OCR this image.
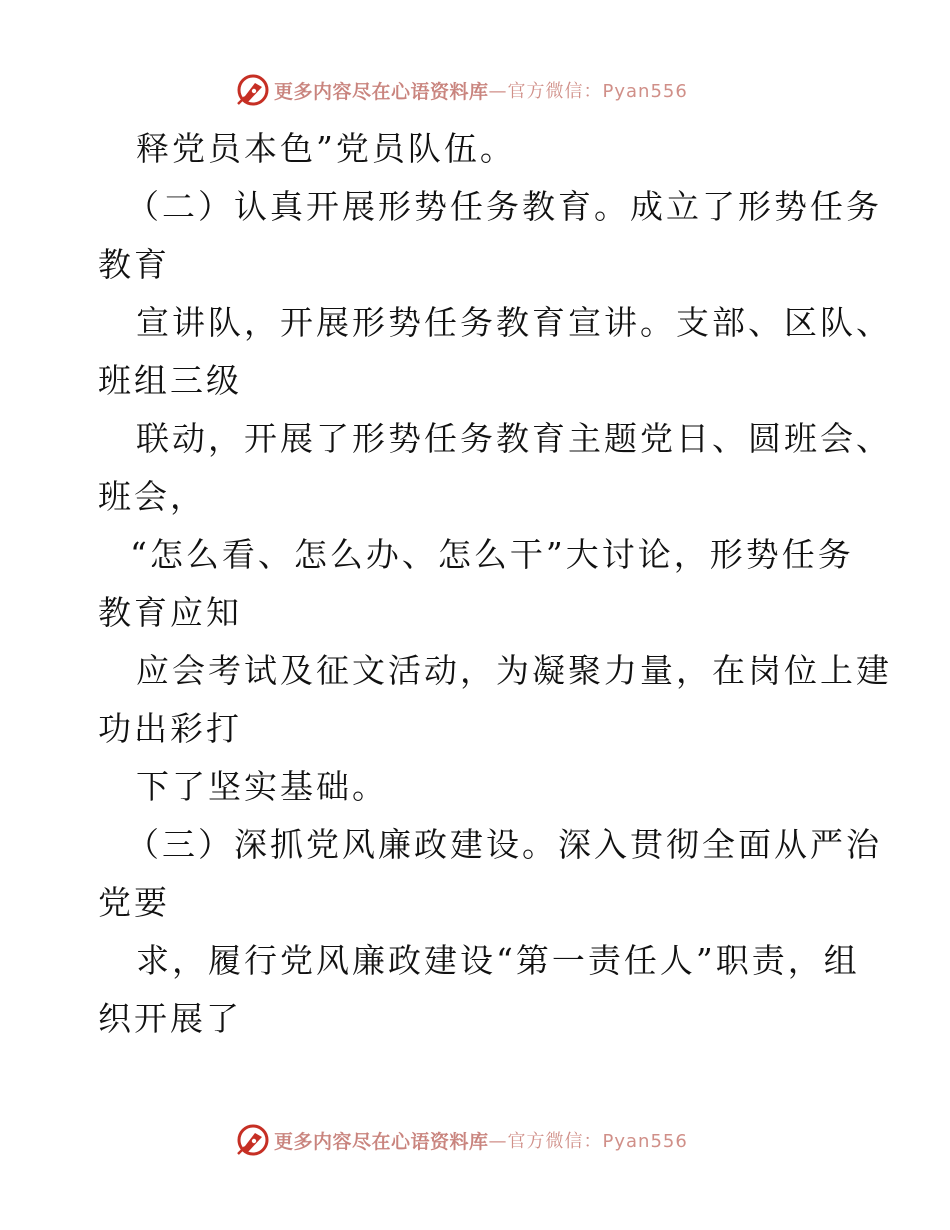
更多内容尽在心语资料库 —官方微信：Pyan556
释党员本色”党员队伍。
（二）认真开展形势任务教育。成立了形势任务
教育
宣讲队，开展形势任务教育宣讲。支部、区队、
班组三级
联动，开展了形势任务教育主题党日、圆班会、
班会，
“怎么看、怎么办、怎么干”大讨论，形势任务
教育应知
应会考试及征文活动，为凝聚力量，在岗位上建
功出彩打
下了坚实基础。
（三）深抓党风廉政建设。深入贯彻全面从严治
党要
求，履行党风廉政建设“第一责任人”职责，组
织开展了
更多内容尽在心语资料库 —官方微信：Pyan556
